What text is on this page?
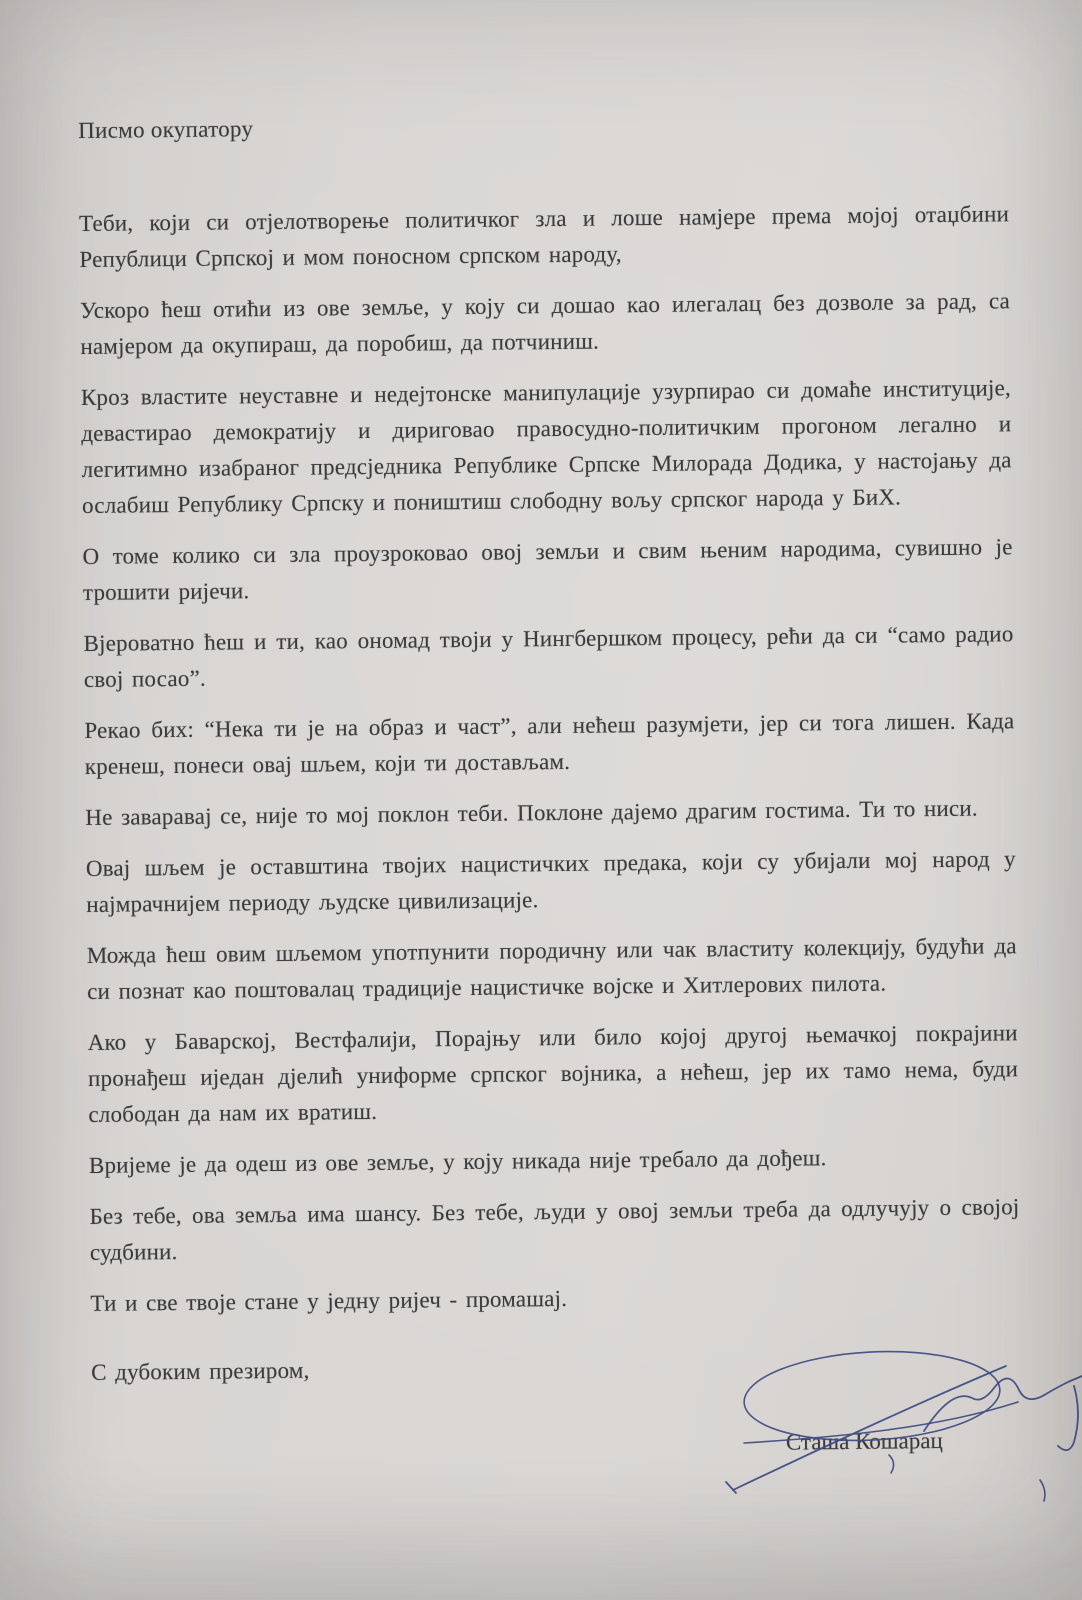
Писмо окупатору

Теби, који си отјелотворење политичког зла и лоше намјере према мојој отаџбини Републици Српској и мом поносном српском народу,

Ускоро ћеш отићи из ове земље, у коју си дошао као илегалац без дозволе за рад, са намјером да окупираш, да поробиш, да потчиниш.

Кроз властите неуставне и недејтонске манипулације узурпирао си домаће институције, девастирао демократију и дириговао правосудно-политичким прогоном легално и легитимно изабраног предсједника Републике Српске Милорада Додика, у настојању да ослабиш Републику Српску и поништиш слободну вољу српског народа у БиХ.

О томе колико си зла проузроковао овој земљи и свим њеним народима, сувишно је трошити ријечи.

Вјероватно ћеш и ти, као ономад твоји у Нингбершком процесу, рећи да си “само радио свој посао”.

Рекао бих: “Нека ти је на образ и част”, али нећеш разумјети, јер си тога лишен. Када кренеш, понеси овај шљем, који ти достављам.

Не заваравај се, није то мој поклон теби. Поклоне дајемо драгим гостима. Ти то ниси.

Овај шљем је оставштина твојих нацистичких предака, који су убијали мој народ у најмрачнијем периоду људске цивилизације.

Можда ћеш овим шљемом употпунити породичну или чак властиту колекцију, будући да си познат као поштовалац традиције нацистичке војске и Хитлерових пилота.

Ако у Баварској, Вестфалији, Порајњу или било којој другој њемачкој покрајини пронађеш иједан дјелић униформе српског војника, а нећеш, јер их тамо нема, буди слободан да нам их вратиш.

Вријеме је да одеш из ове земље, у коју никада није требало да дођеш.

Без тебе, ова земља има шансу. Без тебе, људи у овој земљи треба да одлучују о својој судбини.

Ти и све твоје стане у једну ријеч - промашај.

С дубоким презиром,

Сташа Кошарац
